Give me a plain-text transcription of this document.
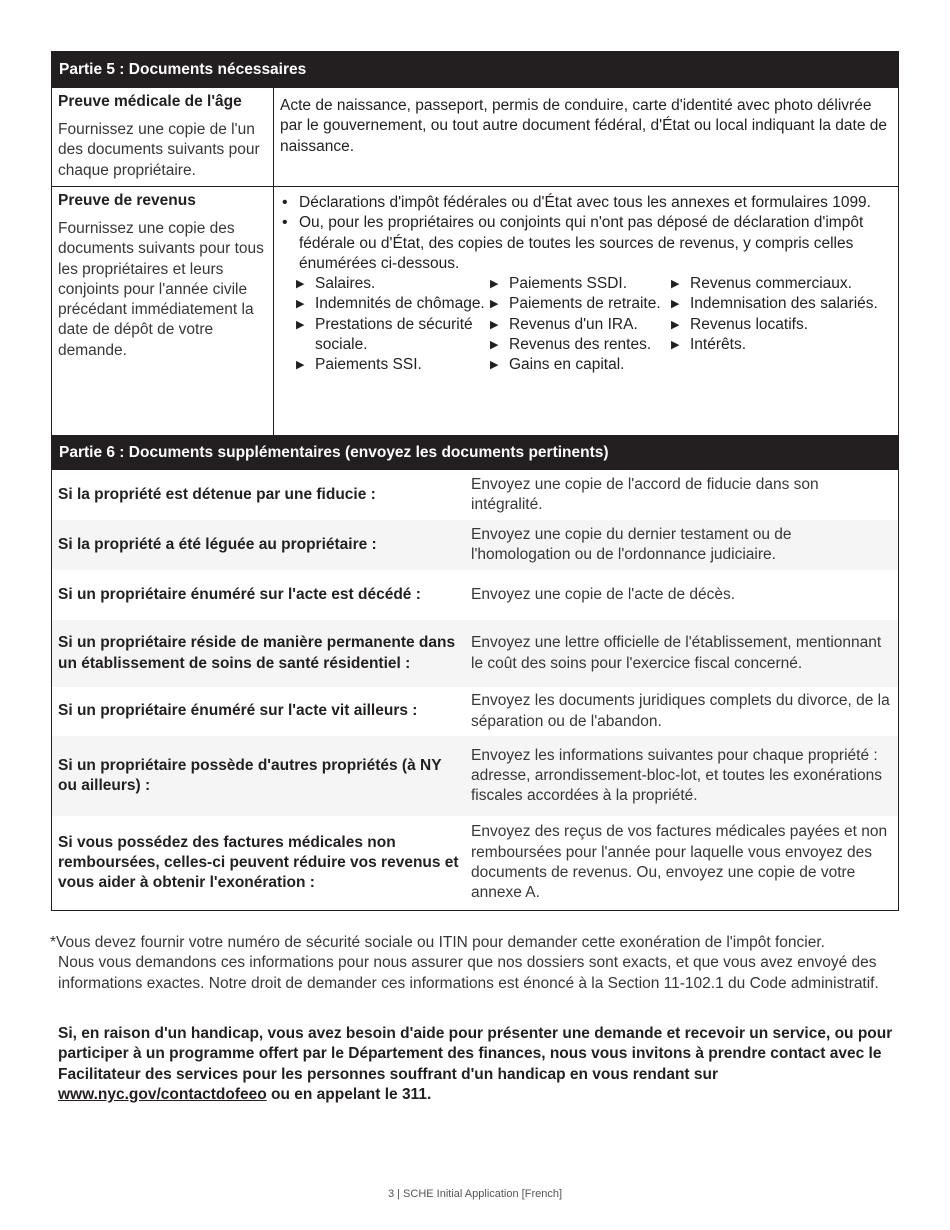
Partie 5 : Documents nécessaires
Preuve médicale de l'âge
Fournissez une copie de l'un des documents suivants pour chaque propriétaire.
Acte de naissance, passeport, permis de conduire, carte d'identité avec photo délivrée par le gouvernement, ou tout autre document fédéral, d'État ou local indiquant la date de naissance.
Preuve de revenus
Fournissez une copie des documents suivants pour tous les propriétaires et leurs conjoints pour l'année civile précédant immédiatement la date de dépôt de votre demande.
• Déclarations d'impôt fédérales ou d'État avec tous les annexes et formulaires 1099.
• Ou, pour les propriétaires ou conjoints qui n'ont pas déposé de déclaration d'impôt fédérale ou d'État, des copies de toutes les sources de revenus, y compris celles énumérées ci-dessous.
▶ Salaires.
▶ Indemnités de chômage.
▶ Prestations de sécurité sociale.
▶ Paiements SSI.
▶ Paiements SSDI.
▶ Paiements de retraite.
▶ Revenus d'un IRA.
▶ Revenus des rentes.
▶ Gains en capital.
▶ Revenus commerciaux.
▶ Indemnisation des salariés.
▶ Revenus locatifs.
▶ Intérêts.
Partie 6 : Documents supplémentaires (envoyez les documents pertinents)
Si la propriété est détenue par une fiducie :
Envoyez une copie de l'accord de fiducie dans son intégralité.
Si la propriété a été léguée au propriétaire :
Envoyez une copie du dernier testament ou de l'homologation ou de l'ordonnance judiciaire.
Si un propriétaire énuméré sur l'acte est décédé :	Envoyez une copie de l'acte de décès.
Si un propriétaire réside de manière permanente dans un établissement de soins de santé résidentiel :
Envoyez une lettre officielle de l'établissement, mentionnant le coût des soins pour l'exercice fiscal concerné.
Si un propriétaire énuméré sur l'acte vit ailleurs :
Envoyez les documents juridiques complets du divorce, de la séparation ou de l'abandon.
Si un propriétaire possède d'autres propriétés (à NY ou ailleurs) :
Envoyez les informations suivantes pour chaque propriété : adresse, arrondissement-bloc-lot, et toutes les exonérations fiscales accordées à la propriété.
Si vous possédez des factures médicales non remboursées, celles-ci peuvent réduire vos revenus et vous aider à obtenir l'exonération :
Envoyez des reçus de vos factures médicales payées et non remboursées pour l'année pour laquelle vous envoyez des documents de revenus. Ou, envoyez une copie de votre annexe A.
*Vous devez fournir votre numéro de sécurité sociale ou ITIN pour demander cette exonération de l'impôt foncier.
Nous vous demandons ces informations pour nous assurer que nos dossiers sont exacts, et que vous avez envoyé des informations exactes. Notre droit de demander ces informations est énoncé à la Section 11-102.1 du Code administratif.
Si, en raison d'un handicap, vous avez besoin d'aide pour présenter une demande et recevoir un service, ou pour participer à un programme offert par le Département des finances, nous vous invitons à prendre contact avec le Facilitateur des services pour les personnes souffrant d'un handicap en vous rendant sur www.nyc.gov/contactdofeeo ou en appelant le 311.
3 | SCHE Initial Application [French]
